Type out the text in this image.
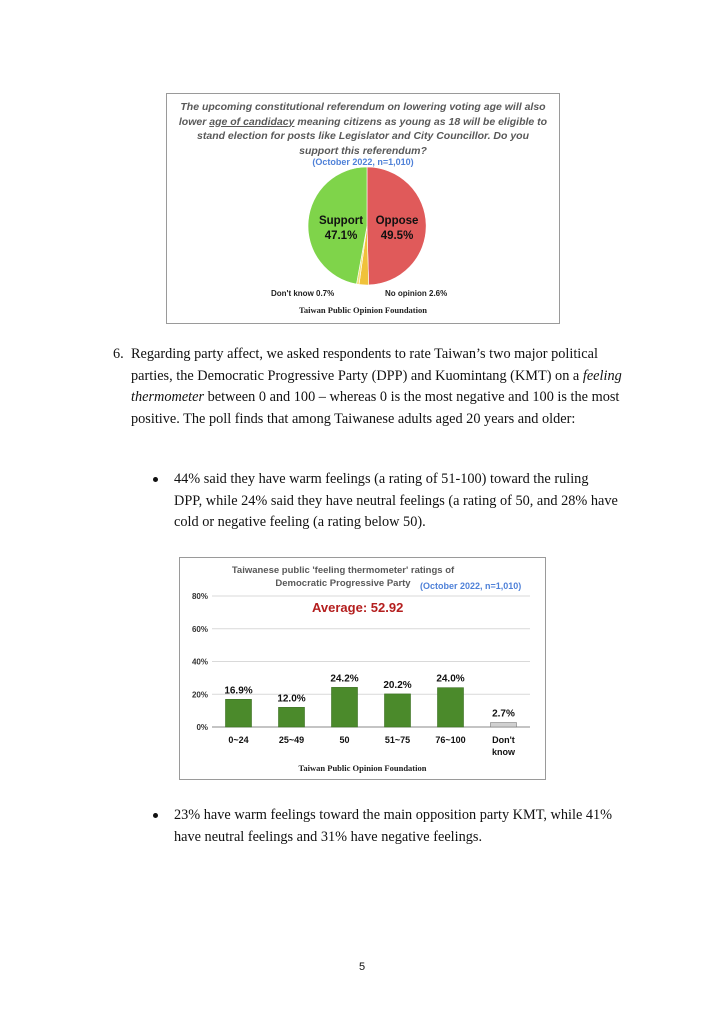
The upcoming constitutional referendum on lowering voting age will also lower age of candidacy meaning citizens as young as 18 will be eligible to stand election for posts like Legislator and City Councillor. Do you support this referendum?
(October 2022, n=1,010)
Support
47.1%
Oppose
49.5%
Don't know 0.7%	No opinion 2.6%
Taiwan Public Opinion Foundation
6. Regarding party affect, we asked respondents to rate Taiwan’s two major political parties, the Democratic Progressive Party (DPP) and Kuomintang (KMT) on a feeling thermometer between 0 and 100 – whereas 0 is the most negative and 100 is the most positive. The poll finds that among Taiwanese adults aged 20 years and older:
44% said they have warm feelings (a rating of 51-100) toward the ruling DPP, while 24% said they have neutral feelings (a rating of 50, and 28% have cold or negative feeling (a rating below 50).
0%
20%
40%
60%
80%
16.9%
0~24
12.0%
25~49
24.2%
50
20.2%
51~75
24.0%
76~100
2.7%
Don't
know
Taiwanese public 'feeling thermometer' ratings of Democratic Progressive Party	(October 2022, n=1,010)
Average: 52.92
Taiwan Public Opinion Foundation
23% have warm feelings toward the main opposition party KMT, while 41% have neutral feelings and 31% have negative feelings.
5
